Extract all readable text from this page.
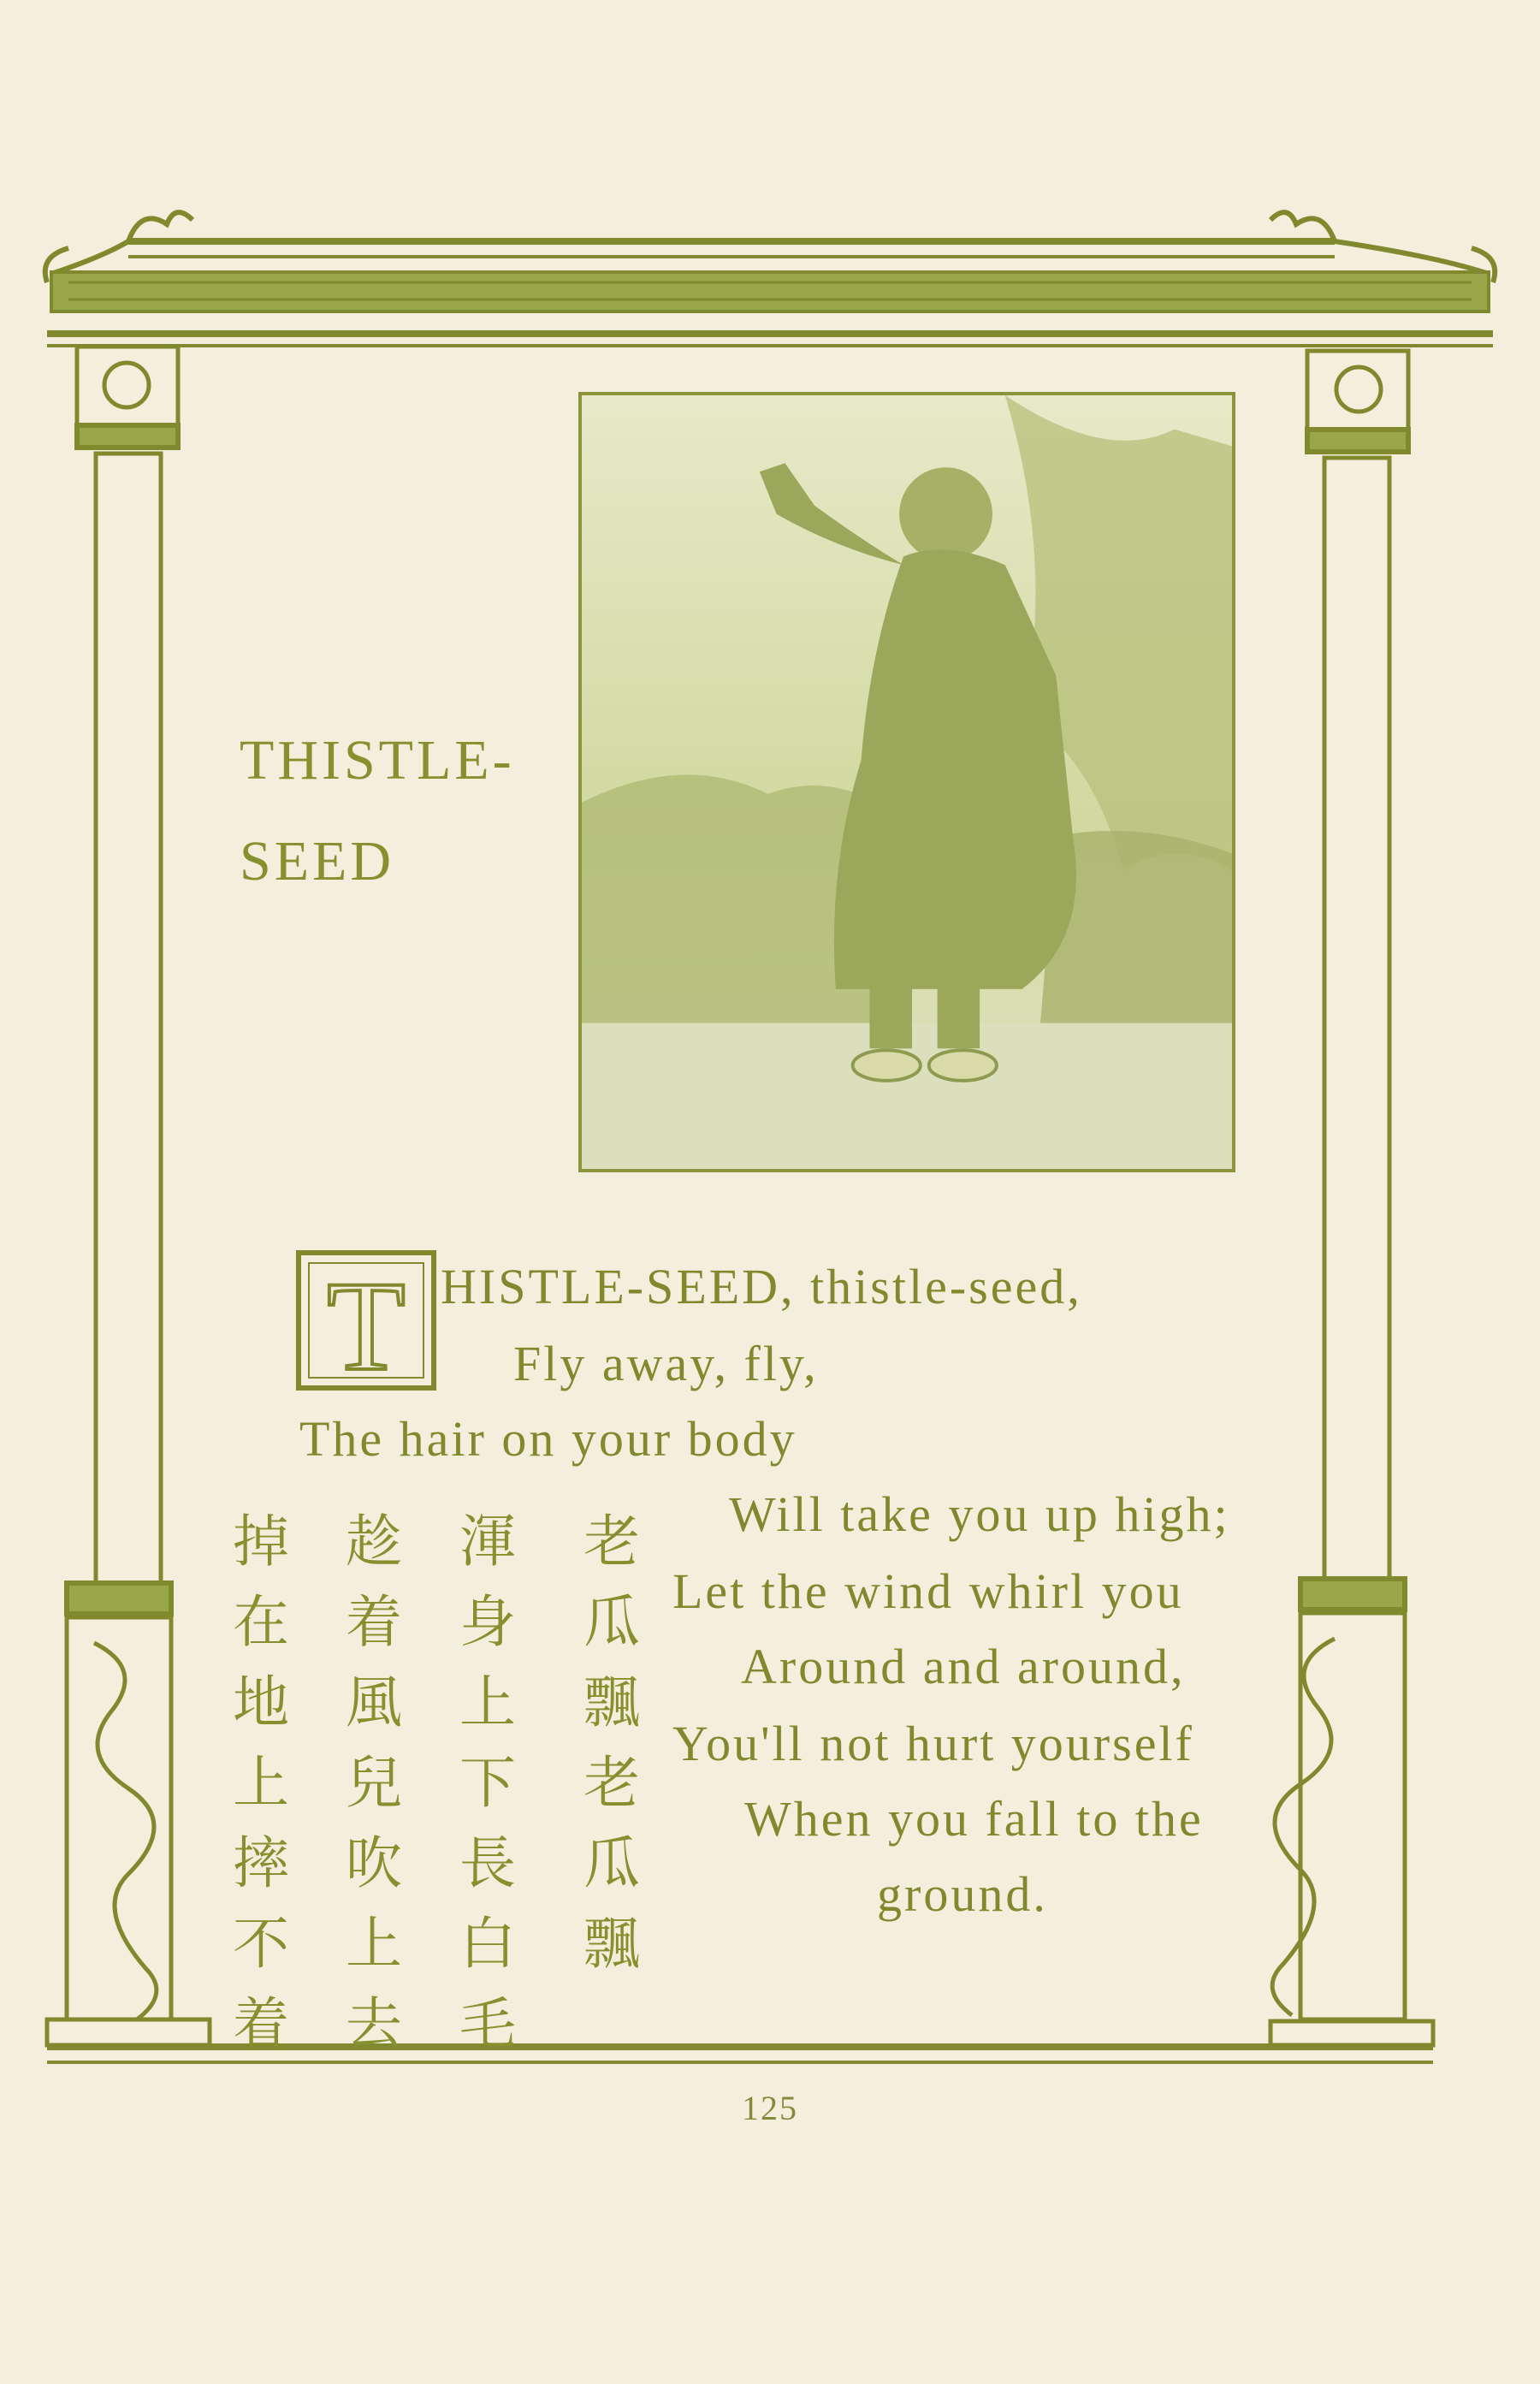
THISTLE-
SEED
T HISTLE-SEED, thistle-seed,
Fly away, fly,
The hair on your body
Will take you up high;
Let the wind whirl you
Around and around,
You'll not hurt yourself
When you fall to the
ground.
老
瓜
飄
老
瓜
飄
渾
身
上
下
長
白
毛
趁
着
風
兒
吹
上
去
掉
在
地
上
摔
不
着
125
